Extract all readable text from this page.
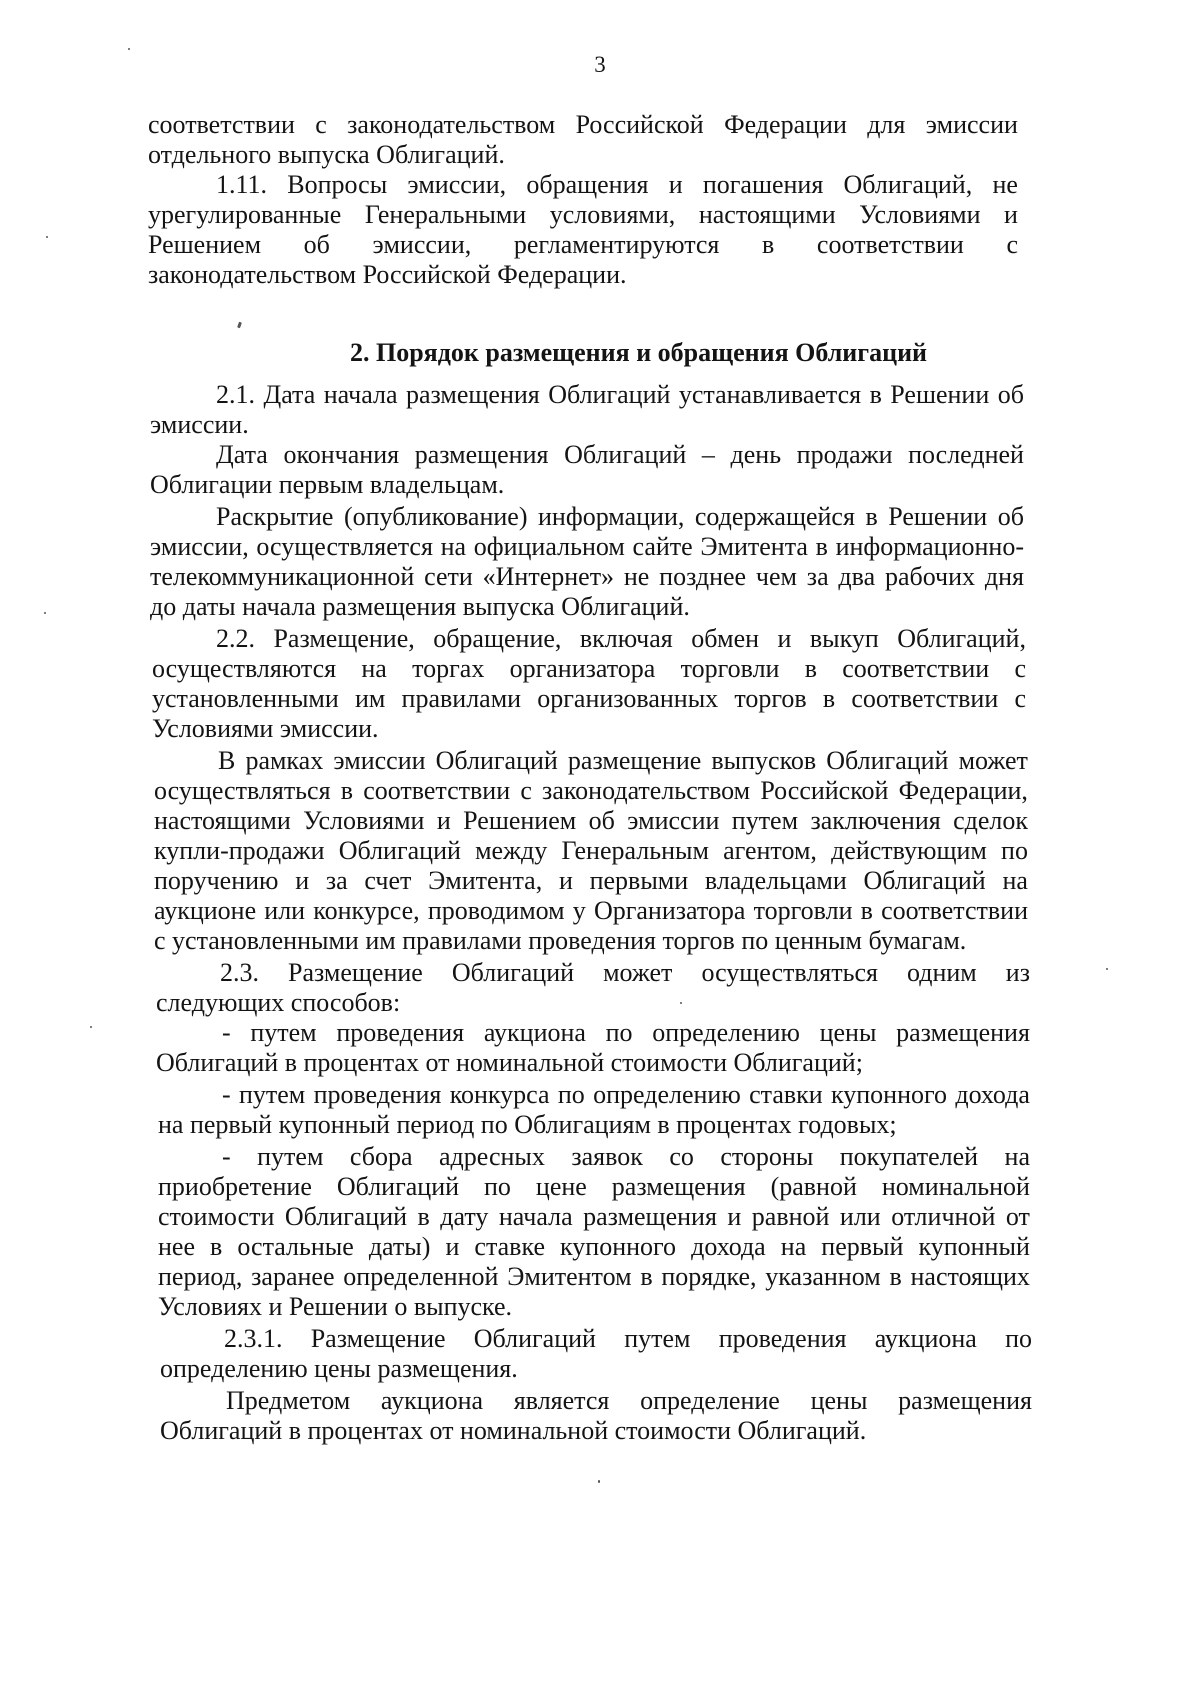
3
соответствии с законодательством Российской Федерации для эмиссии
отдельного выпуска Облигаций.
1.11. Вопросы эмиссии, обращения и погашения Облигаций, не
урегулированные Генеральными условиями, настоящими Условиями и
Решением об эмиссии, регламентируются в соответствии с
законодательством Российской Федерации.
2. Порядок размещения и обращения Облигаций
2.1. Дата начала размещения Облигаций устанавливается в Решении об
эмиссии.
Дата окончания размещения Облигаций – день продажи последней
Облигации первым владельцам.
Раскрытие (опубликование) информации, содержащейся в Решении об
эмиссии, осуществляется на официальном сайте Эмитента в информационно-
телекоммуникационной сети «Интернет» не позднее чем за два рабочих дня
до даты начала размещения выпуска Облигаций.
2.2. Размещение, обращение, включая обмен и выкуп Облигаций,
осуществляются на торгах организатора торговли в соответствии с
установленными им правилами организованных торгов в соответствии с
Условиями эмиссии.
В рамках эмиссии Облигаций размещение выпусков Облигаций может
осуществляться в соответствии с законодательством Российской Федерации,
настоящими Условиями и Решением об эмиссии путем заключения сделок
купли-продажи Облигаций между Генеральным агентом, действующим по
поручению и за счет Эмитента, и первыми владельцами Облигаций на
аукционе или конкурсе, проводимом у Организатора торговли в соответствии
с установленными им правилами проведения торгов по ценным бумагам.
2.3. Размещение Облигаций может осуществляться одним из
следующих способов:
- путем проведения аукциона по определению цены размещения
Облигаций в процентах от номинальной стоимости Облигаций;
- путем проведения конкурса по определению ставки купонного дохода
на первый купонный период по Облигациям в процентах годовых;
- путем сбора адресных заявок со стороны покупателей на
приобретение Облигаций по цене размещения (равной номинальной
стоимости Облигаций в дату начала размещения и равной или отличной от
нее в остальные даты) и ставке купонного дохода на первый купонный
период, заранее определенной Эмитентом в порядке, указанном в настоящих
Условиях и Решении о выпуске.
2.3.1. Размещение Облигаций путем проведения аукциона по
определению цены размещения.
Предметом аукциона является определение цены размещения
Облигаций в процентах от номинальной стоимости Облигаций.
